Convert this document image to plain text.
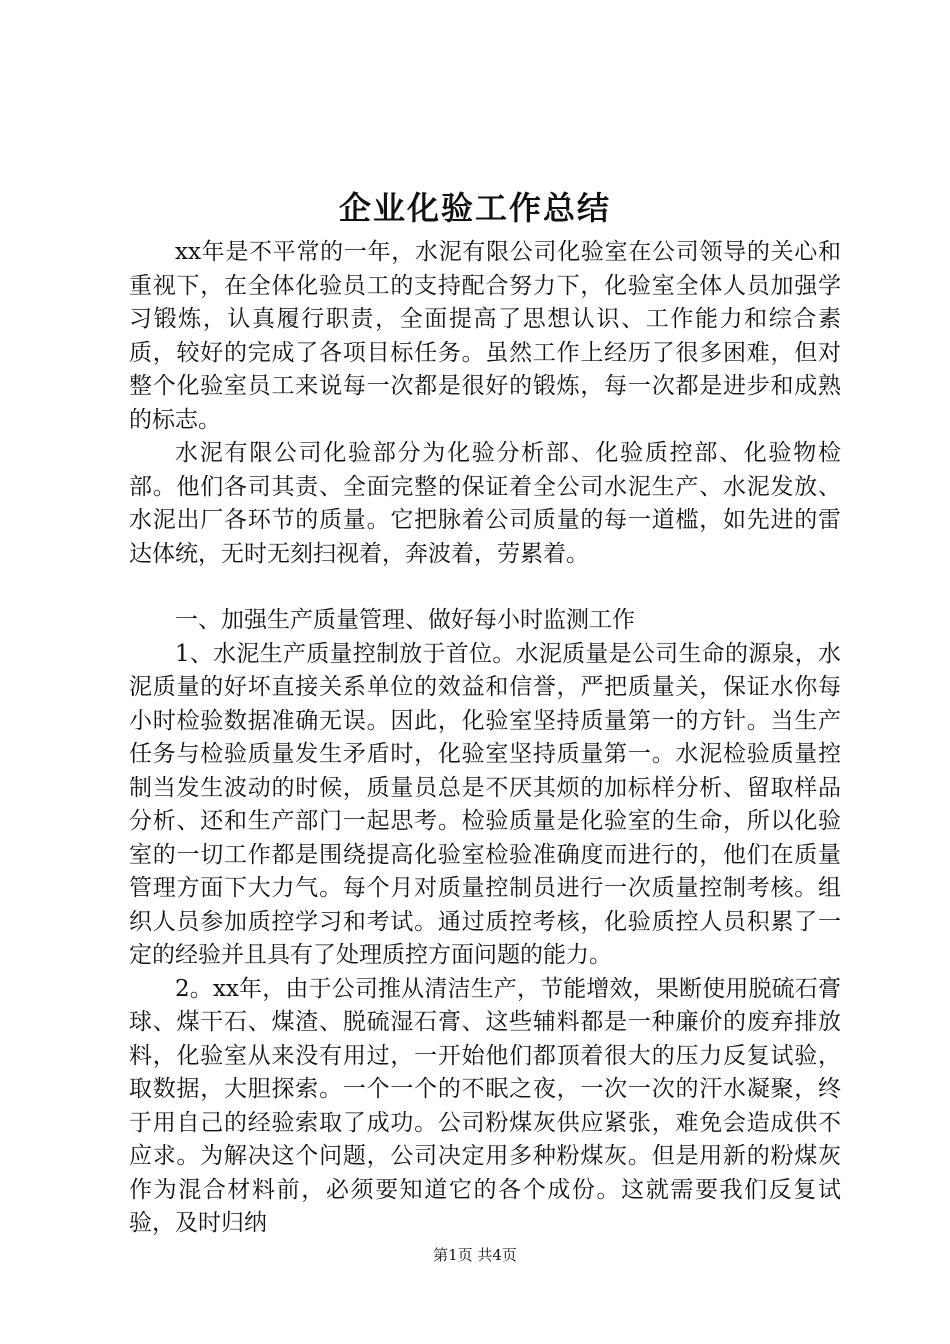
企业化验工作总结

xx年是不平常的一年，水泥有限公司化验室在公司领导的关心和重视下，在全体化验员工的支持配合努力下，化验室全体人员加强学习锻炼，认真履行职责，全面提高了思想认识、工作能力和综合素质，较好的完成了各项目标任务。虽然工作上经历了很多困难，但对整个化验室员工来说每一次都是很好的锻炼，每一次都是进步和成熟的标志。

水泥有限公司化验部分为化验分析部、化验质控部、化验物检部。他们各司其责、全面完整的保证着全公司水泥生产、水泥发放、水泥出厂各环节的质量。它把脉着公司质量的每一道槛，如先进的雷达体统，无时无刻扫视着，奔波着，劳累着。

一、加强生产质量管理、做好每小时监测工作

1、水泥生产质量控制放于首位。水泥质量是公司生命的源泉，水泥质量的好坏直接关系单位的效益和信誉，严把质量关，保证水你每小时检验数据准确无误。因此，化验室坚持质量第一的方针。当生产任务与检验质量发生矛盾时，化验室坚持质量第一。水泥检验质量控制当发生波动的时候，质量员总是不厌其烦的加标样分析、留取样品分析、还和生产部门一起思考。检验质量是化验室的生命，所以化验室的一切工作都是围绕提高化验室检验准确度而进行的，他们在质量管理方面下大力气。每个月对质量控制员进行一次质量控制考核。组织人员参加质控学习和考试。通过质控考核，化验质控人员积累了一定的经验并且具有了处理质控方面问题的能力。

2。xx年，由于公司推从清洁生产，节能增效，果断使用脱硫石膏球、煤干石、煤渣、脱硫湿石膏、这些辅料都是一种廉价的废弃排放料，化验室从来没有用过，一开始他们都顶着很大的压力反复试验，取数据，大胆探索。一个一个的不眠之夜，一次一次的汗水凝聚，终于用自己的经验索取了成功。公司粉煤灰供应紧张，难免会造成供不应求。为解决这个问题，公司决定用多种粉煤灰。但是用新的粉煤灰作为混合材料前，必须要知道它的各个成份。这就需要我们反复试验，及时归纳

第1页 共4页
